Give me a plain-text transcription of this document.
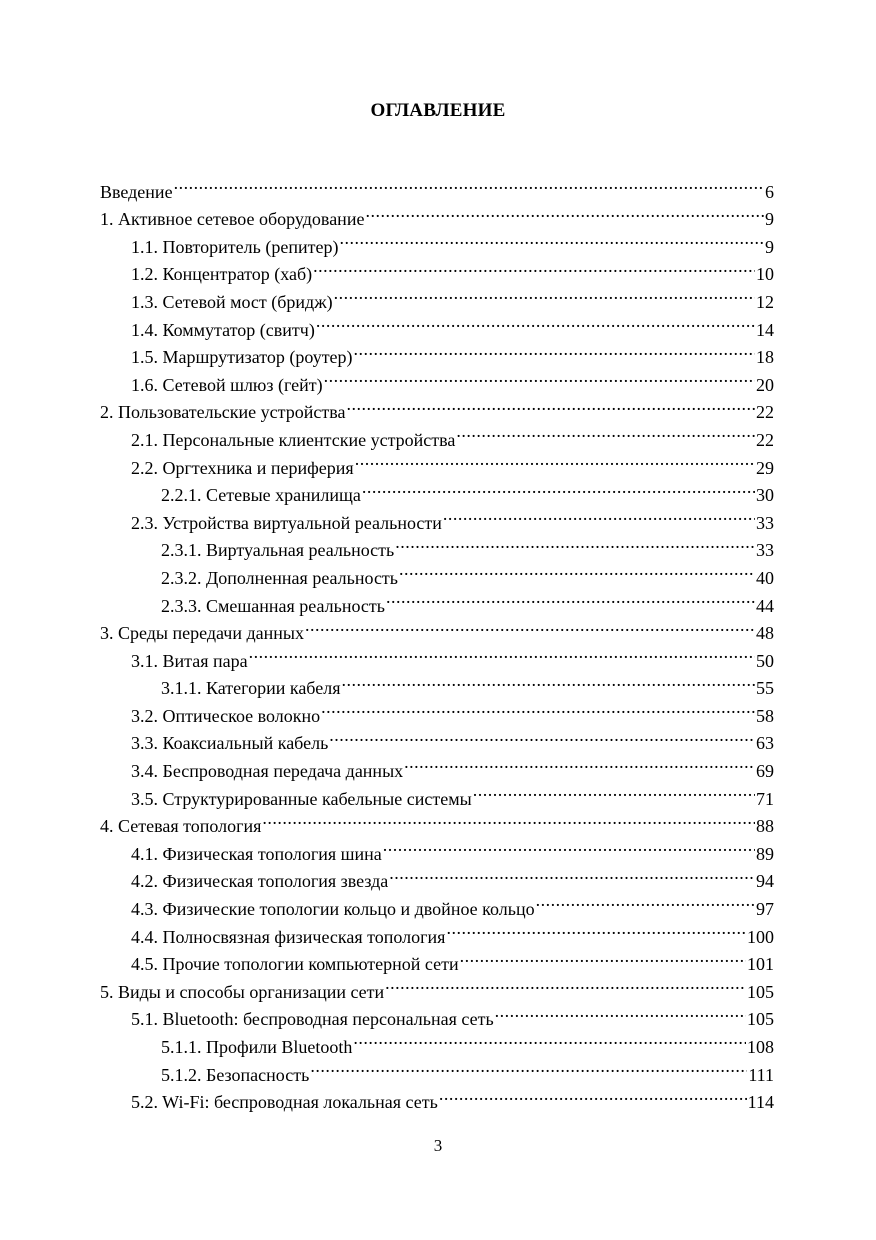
ОГЛАВЛЕНИЕ
Введение .....	6
1. Активное сетевое оборудование .....	9
1.1. Повторитель (репитер) .....	9
1.2. Концентратор (хаб) .....	10
1.3. Сетевой мост (бридж) .....	12
1.4. Коммутатор (свитч) .....	14
1.5. Маршрутизатор (роутер) .....	18
1.6. Сетевой шлюз (гейт) .....	20
2. Пользовательские устройства .....	22
2.1. Персональные клиентские устройства .....	22
2.2. Оргтехника и периферия .....	29
2.2.1. Сетевые хранилища .....	30
2.3. Устройства виртуальной реальности .....	33
2.3.1. Виртуальная реальность .....	33
2.3.2. Дополненная реальность .....	40
2.3.3. Смешанная реальность .....	44
3. Среды передачи данных .....	48
3.1. Витая пара .....	50
3.1.1. Категории кабеля .....	55
3.2. Оптическое волокно .....	58
3.3. Коаксиальный кабель .....	63
3.4. Беспроводная передача данных .....	69
3.5. Структурированные кабельные системы .....	71
4. Сетевая топология .....	88
4.1. Физическая топология шина .....	89
4.2. Физическая топология звезда .....	94
4.3. Физические топологии кольцо и двойное кольцо .....	97
4.4. Полносвязная физическая топология .....	100
4.5. Прочие топологии компьютерной сети .....	101
5. Виды и способы организации сети .....	105
5.1. Bluetooth: беспроводная персональная сеть .....	105
5.1.1. Профили Bluetooth .....	108
5.1.2. Безопасность .....	111
5.2. Wi-Fi: беспроводная локальная сеть .....	114
3
